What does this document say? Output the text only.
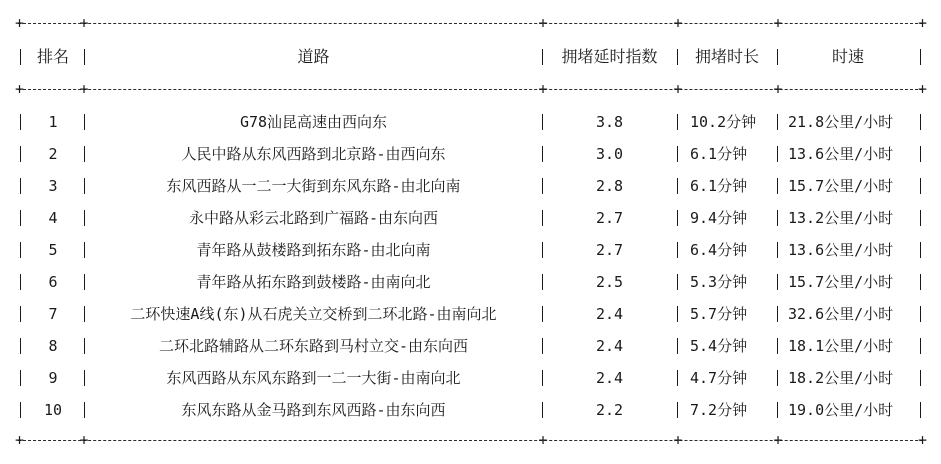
+ +	+	+	+
+
排名	道路	拥堵延时指数	拥堵时长	时速
+ +	+	+	+
+
1	G78汕昆高速由西向东	3.8	10.2分钟	21.8公里/小时
2	人民中路从东风西路到北京路-由西向东	3.0	6.1分钟	13.6公里/小时
3	东风西路从一二一大街到东风东路-由北向南	2.8	6.1分钟	15.7公里/小时
4	永中路从彩云北路到广福路-由东向西	2.7	9.4分钟	13.2公里/小时
5	青年路从鼓楼路到拓东路-由北向南	2.7	6.4分钟	13.6公里/小时
6	青年路从拓东路到鼓楼路-由南向北	2.5	5.3分钟	15.7公里/小时
7	二环快速A线(东)从石虎关立交桥到二环北路-由南向北	2.4	5.7分钟	32.6公里/小时
8	二环北路辅路从二环东路到马村立交-由东向西	2.4	5.4分钟	18.1公里/小时
9	东风西路从东风东路到一二一大街-由南向北	2.4	4.7分钟	18.2公里/小时
10	东风东路从金马路到东风西路-由东向西	2.2	7.2分钟	19.0公里/小时
+ +	+	+	+
+
